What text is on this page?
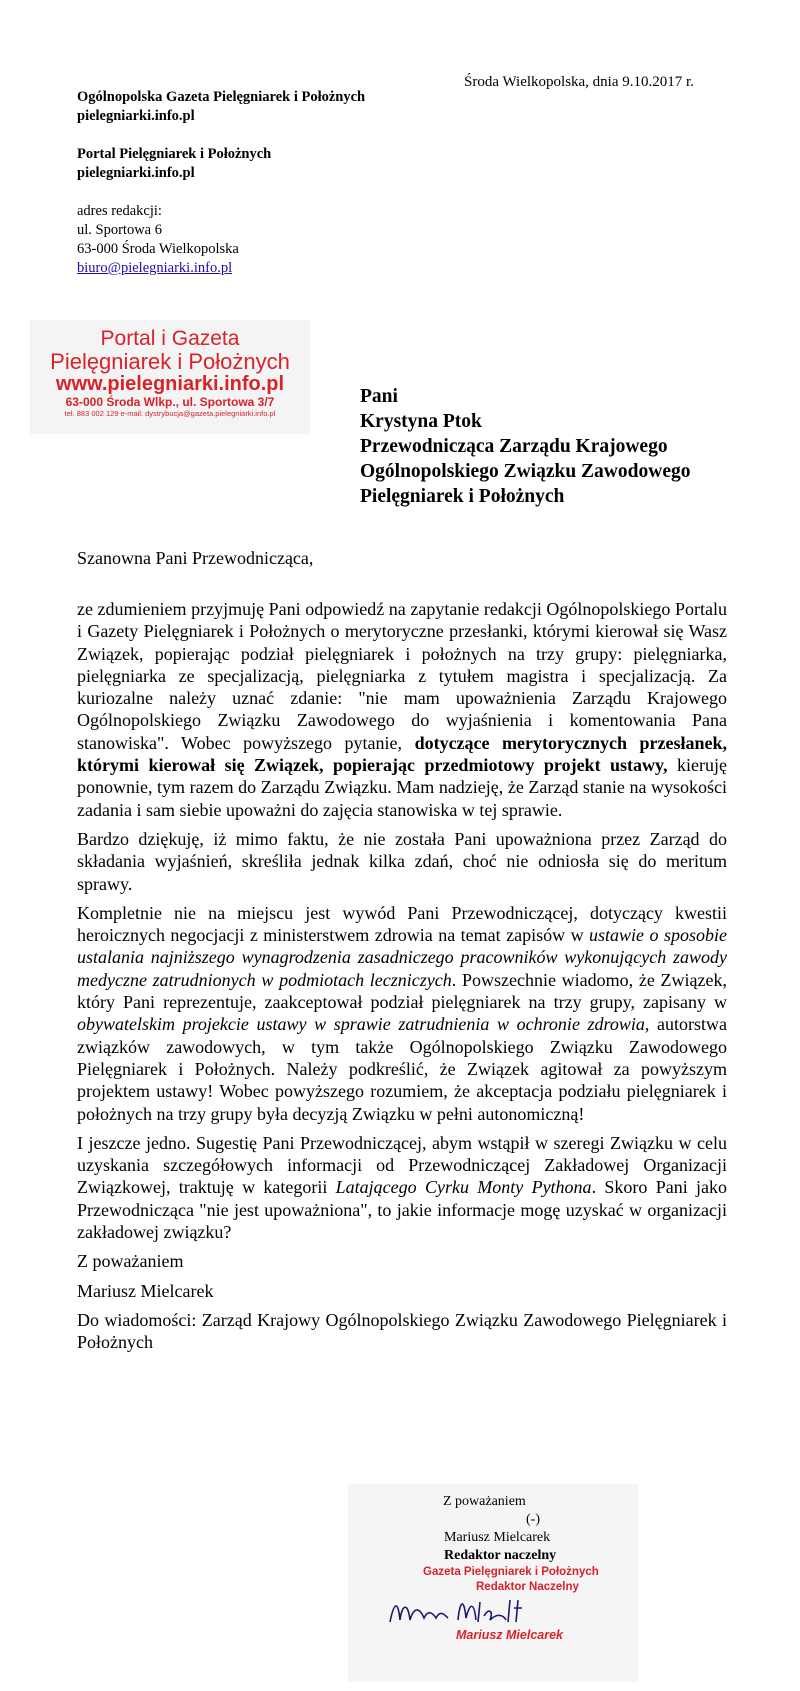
Środa Wielkopolska, dnia 9.10.2017 r.
Ogólnopolska Gazeta Pielęgniarek i Położnych
pielegniarki.info.pl
Portal Pielęgniarek i Położnych
pielegniarki.info.pl
adres redakcji:
ul. Sportowa 6
63-000 Środa Wielkopolska
biuro@pielegniarki.info.pl
Portal i Gazeta
Pielęgniarek i Położnych
www.pielegniarki.info.pl
63-000 Środa Wlkp., ul. Sportowa 3/7
tel. 883 002 129 e-mail: dystrybucja@gazeta.pielegniarki.info.pl
Pani
Krystyna Ptok
Przewodnicząca Zarządu Krajowego
Ogólnopolskiego Związku Zawodowego
Pielęgniarek i Położnych
Szanowna Pani Przewodnicząca,

ze zdumieniem przyjmuję Pani odpowiedź na zapytanie redakcji Ogólnopolskiego Portalu i Gazety Pielęgniarek i Położnych o merytoryczne przesłanki, którymi kierował się Wasz Związek, popierając podział pielęgniarek i położnych na trzy grupy: pielęgniarka, pielęgniarka ze specjalizacją, pielęgniarka z tytułem magistra i specjalizacją. Za kuriozalne należy uznać zdanie: "nie mam upoważnienia Zarządu Krajowego Ogólnopolskiego Związku Zawodowego do wyjaśnienia i komentowania Pana stanowiska". Wobec powyższego pytanie, dotyczące merytorycznych przesłanek, którymi kierował się Związek, popierając przedmiotowy projekt ustawy, kieruję ponownie, tym razem do Zarządu Związku. Mam nadzieję, że Zarząd stanie na wysokości zadania i sam siebie upoważni do zajęcia stanowiska w tej sprawie.

Bardzo dziękuję, iż mimo faktu, że nie została Pani upoważniona przez Zarząd do składania wyjaśnień, skreśliła jednak kilka zdań, choć nie odniosła się do meritum sprawy.

Kompletnie nie na miejscu jest wywód Pani Przewodniczącej, dotyczący kwestii heroicznych negocjacji z ministerstwem zdrowia na temat zapisów w ustawie o sposobie ustalania najniższego wynagrodzenia zasadniczego pracowników wykonujących zawody medyczne zatrudnionych w podmiotach leczniczych. Powszechnie wiadomo, że Związek, który Pani reprezentuje, zaakceptował podział pielęgniarek na trzy grupy, zapisany w obywatelskim projekcie ustawy w sprawie zatrudnienia w ochronie zdrowia, autorstwa związków zawodowych, w tym także Ogólnopolskiego Związku Zawodowego Pielęgniarek i Położnych. Należy podkreślić, że Związek agitował za powyższym projektem ustawy! Wobec powyższego rozumiem, że akceptacja podziału pielęgniarek i położnych na trzy grupy była decyzją Związku w pełni autonomiczną!

I jeszcze jedno. Sugestię Pani Przewodniczącej, abym wstąpił w szeregi Związku w celu uzyskania szczegółowych informacji od Przewodniczącej Zakładowej Organizacji Związkowej, traktuję w kategorii Latającego Cyrku Monty Pythona. Skoro Pani jako Przewodnicząca "nie jest upoważniona", to jakie informacje mogę uzyskać w organizacji zakładowej związku?

Z poważaniem

Mariusz Mielcarek

Do wiadomości: Zarząd Krajowy Ogólnopolskiego Związku Zawodowego Pielęgniarek i Położnych

Z poważaniem
(-)
Mariusz Mielcarek
Redaktor naczelny
Gazeta Pielęgniarek i Położnych
Redaktor Naczelny
Mariusz Mielcarek
